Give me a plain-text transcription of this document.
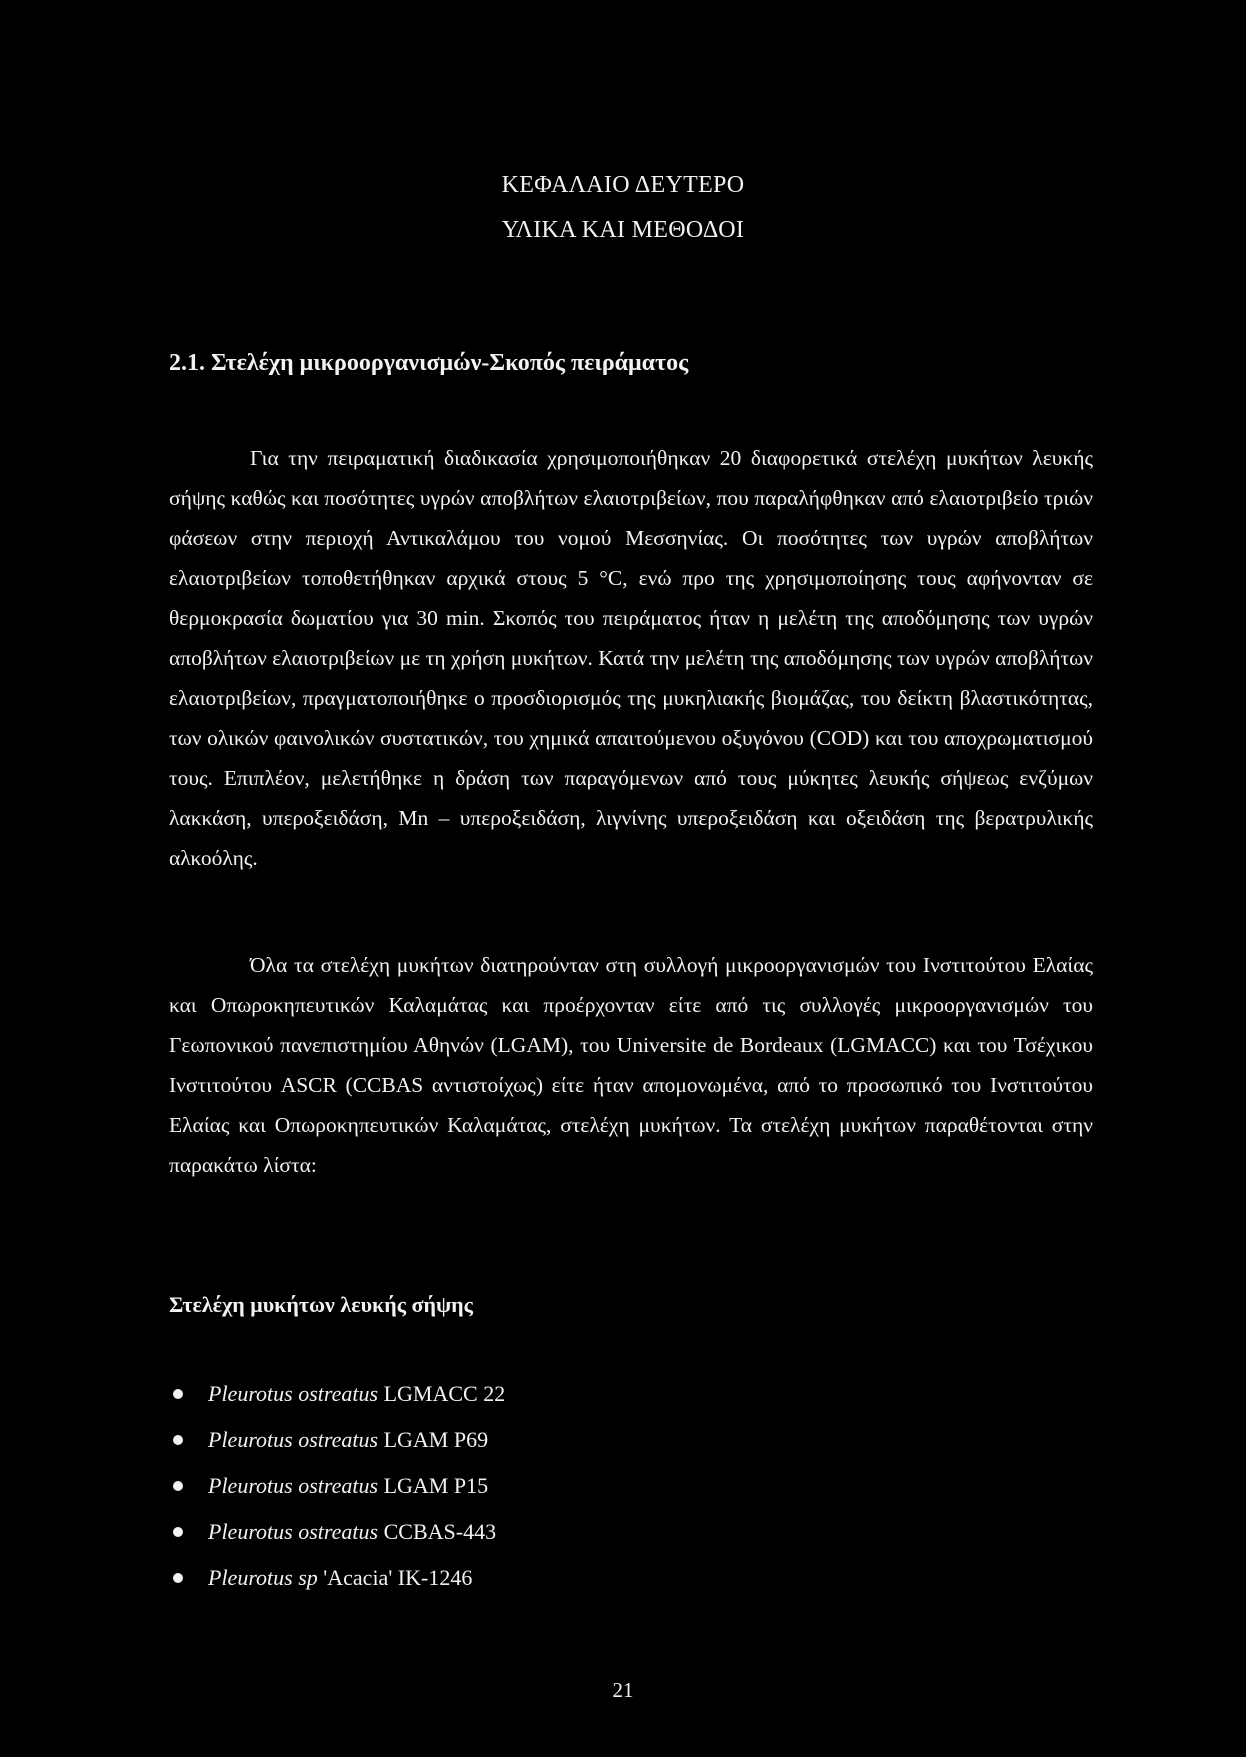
ΚΕΦΑΛΑΙΟ ΔΕΥΤΕΡΟ
ΥΛΙΚΑ ΚΑΙ ΜΕΘΟΔΟΙ
2.1. Στελέχη μικροοργανισμών-Σκοπός πειράματος

Για την πειραματική διαδικασία χρησιμοποιήθηκαν 20 διαφορετικά στελέχη μυκήτων λευκής σήψης καθώς και ποσότητες υγρών αποβλήτων ελαιοτριβείων, που παραλήφθηκαν από ελαιοτριβείο τριών φάσεων στην περιοχή Αντικαλάμου του νομού Μεσσηνίας. Οι ποσότητες των υγρών αποβλήτων ελαιοτριβείων τοποθετήθηκαν αρχικά στους 5 °C, ενώ προ της χρησιμοποίησης τους αφήνονταν σε θερμοκρασία δωματίου για 30 min. Σκοπός του πειράματος ήταν η μελέτη της αποδόμησης των υγρών αποβλήτων ελαιοτριβείων με τη χρήση μυκήτων. Κατά την μελέτη της αποδόμησης των υγρών αποβλήτων ελαιοτριβείων, πραγματοποιήθηκε ο προσδιορισμός της μυκηλιακής βιομάζας, του δείκτη βλαστικότητας, των ολικών φαινολικών συστατικών, του χημικά απαιτούμενου οξυγόνου (COD) και του αποχρωματισμού τους. Επιπλέον, μελετήθηκε η δράση των παραγόμενων από τους μύκητες λευκής σήψεως ενζύμων λακκάση, υπεροξειδάση, Mn – υπεροξειδάση, λιγνίνης υπεροξειδάση και οξειδάση της βερατρυλικής αλκοόλης.

Όλα τα στελέχη μυκήτων διατηρούνταν στη συλλογή μικροοργανισμών του Ινστιτούτου Ελαίας και Οπωροκηπευτικών Καλαμάτας και προέρχονταν είτε από τις συλλογές μικροοργανισμών του Γεωπονικού πανεπιστημίου Αθηνών (LGAM), του Universite de Bordeaux (LGMACC) και του Τσέχικου Ινστιτούτου ASCR (CCBAS αντιστοίχως) είτε ήταν απομονωμένα, από το προσωπικό του Ινστιτούτου Ελαίας και Οπωροκηπευτικών Καλαμάτας, στελέχη μυκήτων. Τα στελέχη μυκήτων παραθέτονται στην παρακάτω λίστα:

Στελέχη μυκήτων λευκής σήψης
Pleurotus ostreatus LGMACC 22
Pleurotus ostreatus LGAM P69
Pleurotus ostreatus LGAM P15
Pleurotus ostreatus CCBAS-443
Pleurotus sp 'Acacia' IK-1246
21
